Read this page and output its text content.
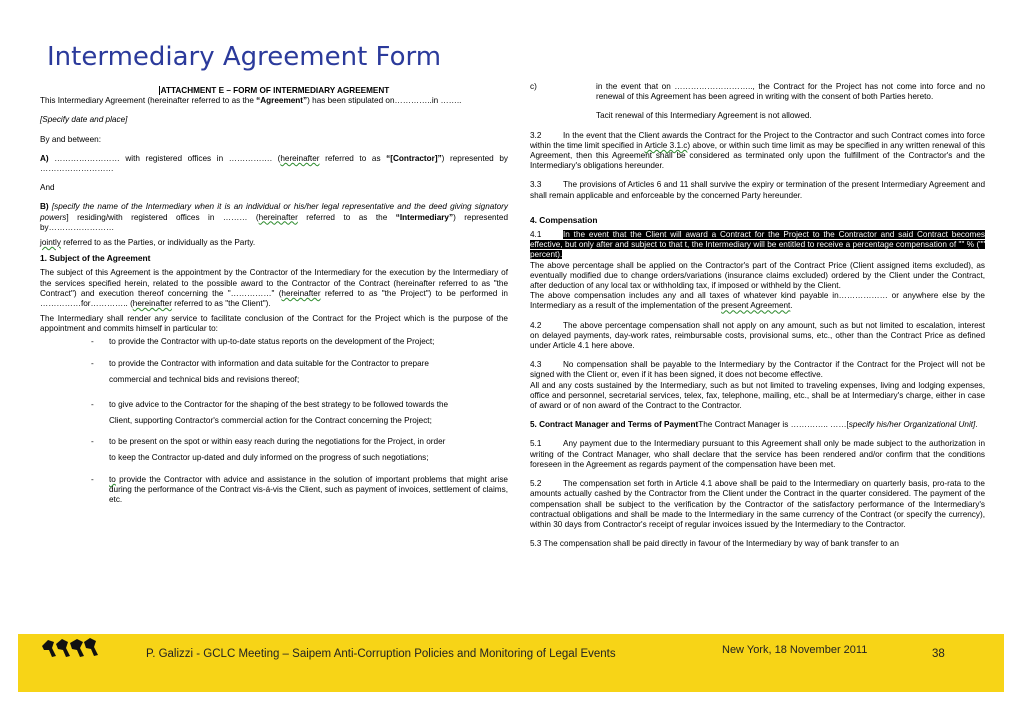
Intermediary Agreement Form

ATTACHMENT E – FORM OF INTERMEDIARY AGREEMENT

This Intermediary Agreement (hereinafter referred to as the “Agreement”) has been stipulated on…………..in ……..

[Specify date and place]

By and between:

A) …………………… with registered offices in ……………. (hereinafter referred to as “[Contractor]”) represented by ………………………

And

B) [specify the name of the Intermediary when it is an individual or his/her legal representative and the deed giving signatory powers] residing/with registered offices in ……… (hereinafter referred to as the “Intermediary”) represented by……………………

jointly referred to as the Parties, or individually as the Party.

1. Subject of the Agreement

The subject of this Agreement is the appointment by the Contractor of the Intermediary for the execution by the Intermediary of the services specified herein, related to the possible award to the Contractor of the Contract (hereinafter referred to as "the Contract") and execution thereof concerning the "……………" (hereinafter referred to as "the Project") to be performed in ……………for………….. (hereinafter referred to as "the Client").

The Intermediary shall render any service to facilitate conclusion of the Contract for the Project which is the purpose of the appointment and commits himself in particular to:

-	to provide the Contractor with up-to-date status reports on the development of the Project;
-	to provide the Contractor with information and data suitable for the Contractor to prepare
commercial and technical bids and revisions thereof;
-	to give advice to the Contractor for the shaping of the best strategy to be followed towards the
Client, supporting Contractor's commercial action for the Contract concerning the Project;
-	to be present on the spot or within easy reach during the negotiations for the Project, in order
to keep the Contractor up-dated and duly informed on the progress of such negotiations;
-	to provide the Contractor with advice and assistance in the solution of important problems that might arise during the performance of the Contract vis-á-vis the Client, such as payment of invoices, settlement of claims, etc.

c)	in the event that on ……………………….., the Contract for the Project has not come into force and no renewal of this Agreement has been agreed in writing with the consent of both Parties hereto.

Tacit renewal of this Intermediary Agreement is not allowed.

3.2	In the event that the Client awards the Contract for the Project to the Contractor and such Contract comes into force within the time limit specified in Article 3.1.c) above, or within such time limit as may be specified in any written renewal of this Agreement, then this Agreement shall be considered as terminated only upon the fulfillment of the Contractor's and the Intermediary's obligations hereunder.

3.3	The provisions of Articles 6 and 11 shall survive the expiry or termination of the present Intermediary Agreement and shall remain applicable and enforceable by the concerned Party hereunder.

4. Compensation

4.1	In the event that the Client will award a Contract for the Project to the Contractor and said Contract becomes effective, but only after and subject to that t, the Intermediary will be entitled to receive a percentage compensation of "" % ("" percent).

The above percentage shall be applied on the Contractor's part of the Contract Price (Client assigned items excluded), as eventually modified due to change orders/variations (insurance claims excluded) ordered by the Client under the Contract, after deduction of any local tax or withholding tax, if imposed or withheld by the Client.

The above compensation includes any and all taxes of whatever kind payable in……………… or anywhere else by the Intermediary as a result of the implementation of the present Agreement.

4.2	The above percentage compensation shall not apply on any amount, such as but not limited to escalation, interest on delayed payments, day-work rates, reimbursable costs, provisional sums, etc., other than the Contract Price as defined under Article 4.1 here above.

4.3	No compensation shall be payable to the Intermediary by the Contractor if the Contract for the Project will not be signed with the Client or, even if it has been signed, it does not become effective.

All and any costs sustained by the Intermediary, such as but not limited to traveling expenses, living and lodging expenses, office and personnel, secretarial services, telex, fax, telephone, mailing, etc., shall be at Intermediary's charge, either in case of award or of non award of the Contract to the Contractor.

5. Contract Manager and Terms of PaymentThe Contract Manager is ………….. ……[specify his/her Organizational Unit].

5.1	Any payment due to the Intermediary pursuant to this Agreement shall only be made subject to the authorization in writing of the Contract Manager, who shall declare that the service has been rendered and/or confirm that the conditions foreseen in the Agreement as regards payment of the compensation have been met.

5.2	The compensation set forth in Article 4.1 above shall be paid to the Intermediary on quarterly basis, pro-rata to the amounts actually cashed by the Contractor from the Client under the Contract in the quarter considered. The payment of the compensation shall be subject to the verification by the Contractor of the satisfactory performance of the Intermediary's contractual obligations and shall be made to the Intermediary in the same currency of the Contract (or specify the currency), within 30 days from Contractor's receipt of regular invoices issued by the Intermediary to the Contractor.

5.3 The compensation shall be paid directly in favour of the Intermediary by way of bank transfer to an

P. Galizzi - GCLC Meeting – Saipem Anti-Corruption Policies and Monitoring of Legal Events	New York, 18 November 2011	38
